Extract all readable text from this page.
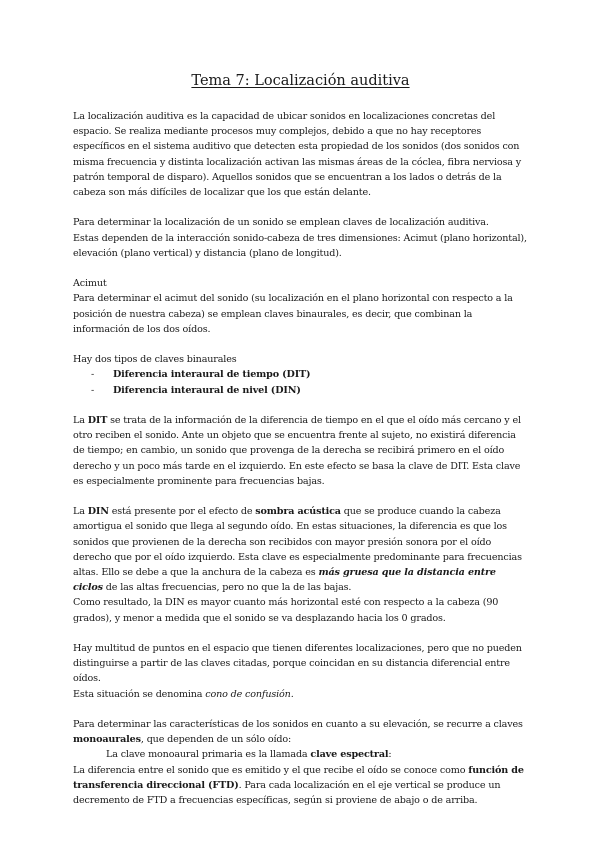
Tema 7: Localización auditiva

La localización auditiva es la capacidad de ubicar sonidos en localizaciones concretas del espacio. Se realiza mediante procesos muy complejos, debido a que no hay receptores específicos en el sistema auditivo que detecten esta propiedad de los sonidos (dos sonidos con misma frecuencia y distinta localización activan las mismas áreas de la cóclea, fibra nerviosa y patrón temporal de disparo). Aquellos sonidos que se encuentran a los lados o detrás de la cabeza son más difíciles de localizar que los que están delante.

Para determinar la localización de un sonido se emplean claves de localización auditiva.

Estas dependen de la interacción sonido-cabeza de tres dimensiones: Acimut (plano horizontal), elevación (plano vertical) y distancia (plano de longitud).

Acimut

Para determinar el acimut del sonido (su localización en el plano horizontal con respecto a la posición de nuestra cabeza) se emplean claves binaurales, es decir, que combinan la información de los dos oídos.

Hay dos tipos de claves binaurales

- Diferencia interaural de tiempo (DIT)
- Diferencia interaural de nivel (DIN)

La DIT se trata de la información de la diferencia de tiempo en el que el oído más cercano y el otro reciben el sonido. Ante un objeto que se encuentra frente al sujeto, no existirá diferencia de tiempo; en cambio, un sonido que provenga de la derecha se recibirá primero en el oído derecho y un poco más tarde en el izquierdo. En este efecto se basa la clave de DIT. Esta clave es especialmente prominente para frecuencias bajas.

La DIN está presente por el efecto de sombra acústica que se produce cuando la cabeza amortigua el sonido que llega al segundo oído. En estas situaciones, la diferencia es que los sonidos que provienen de la derecha son recibidos con mayor presión sonora por el oído derecho que por el oído izquierdo. Esta clave es especialmente predominante para frecuencias altas. Ello se debe a que la anchura de la cabeza es más gruesa que la distancia entre ciclos de las altas frecuencias, pero no que la de las bajas.

Como resultado, la DIN es mayor cuanto más horizontal esté con respecto a la cabeza (90 grados), y menor a medida que el sonido se va desplazando hacia los 0 grados.

Hay multitud de puntos en el espacio que tienen diferentes localizaciones, pero que no pueden distinguirse a partir de las claves citadas, porque coincidan en su distancia diferencial entre oídos.

Esta situación se denomina cono de confusión.

Para determinar las características de los sonidos en cuanto a su elevación, se recurre a claves monoaurales, que dependen de un sólo oído:

La clave monoaural primaria es la llamada clave espectral:

La diferencia entre el sonido que es emitido y el que recibe el oído se conoce como función de transferencia direccional (FTD). Para cada localización en el eje vertical se produce un decremento de FTD a frecuencias específicas, según si proviene de abajo o de arriba.
